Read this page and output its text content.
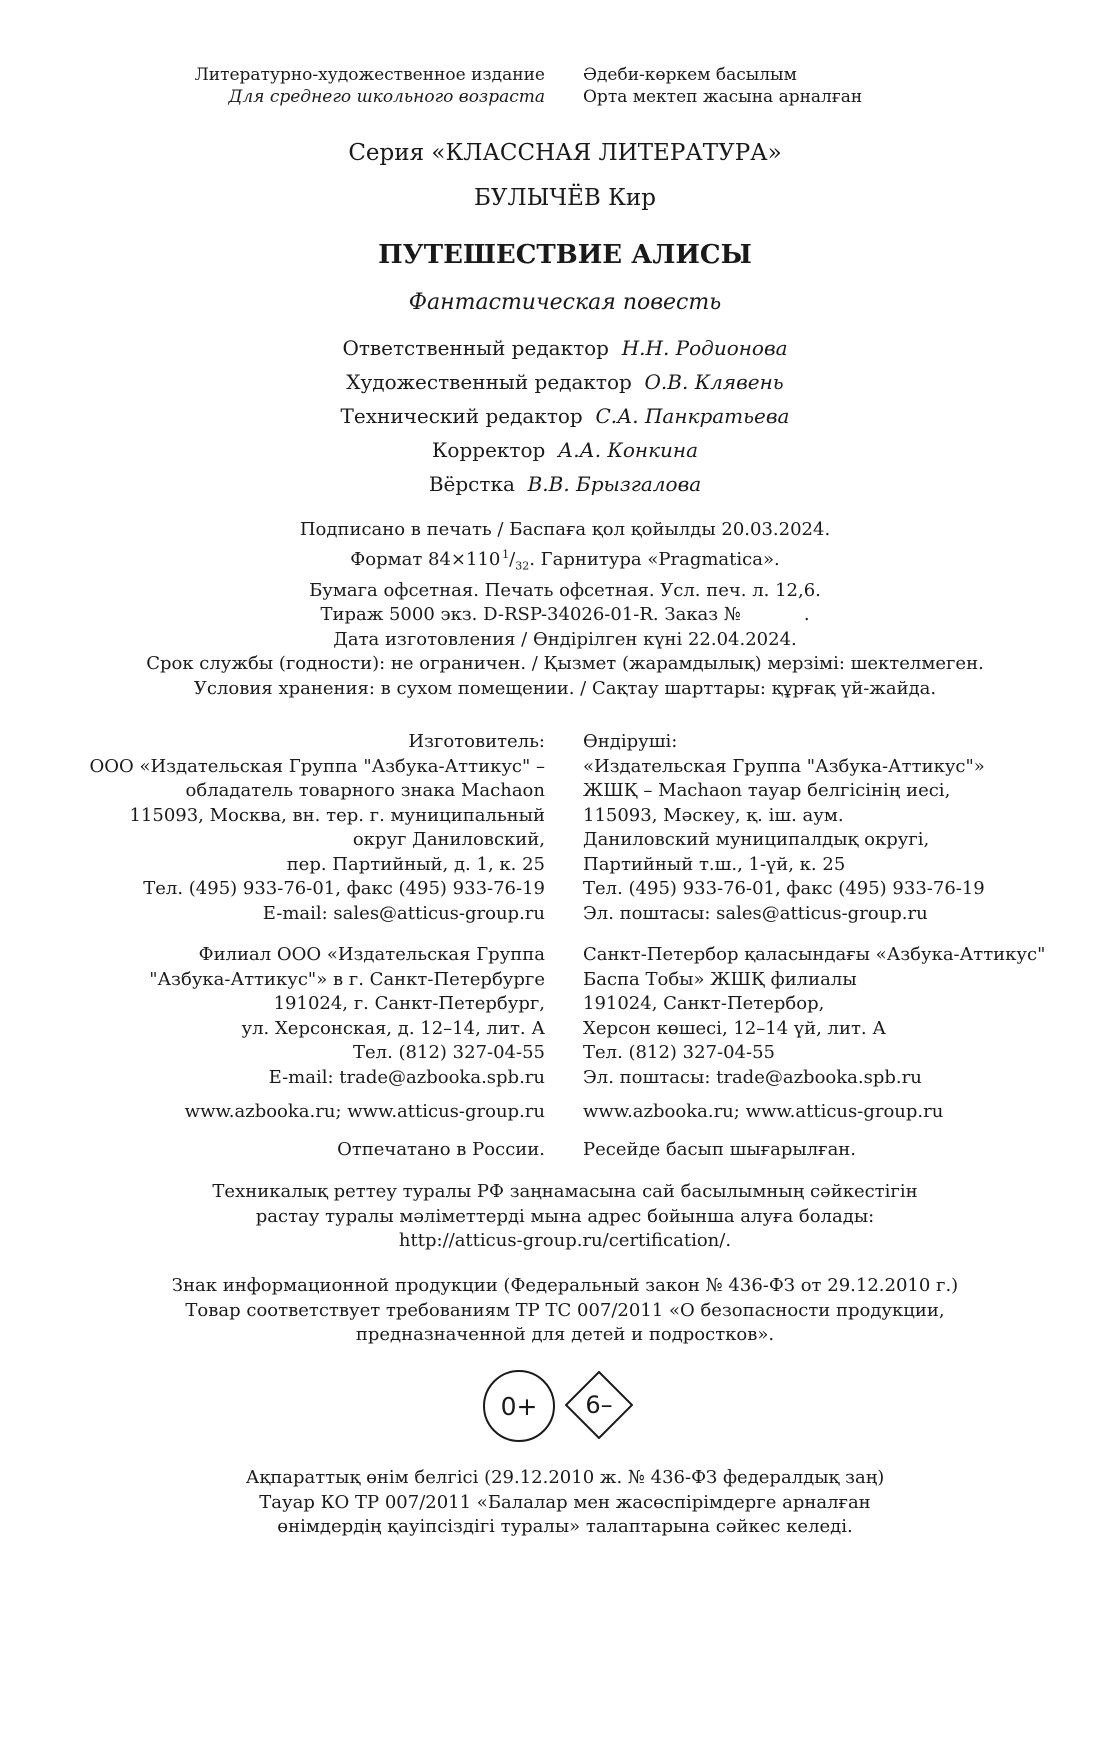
Литературно-художественное издание
Для среднего школьного возраста
Әдеби-көркем басылым
Орта мектеп жасына арналған
Серия «КЛАССНАЯ ЛИТЕРАТУРА»
БУЛЫЧЁВ Кир
ПУТЕШЕСТВИЕ АЛИСЫ
Фантастическая повесть
Ответственный редактор Н.Н. Родионова
Художественный редактор О.В. Клявень
Технический редактор С.А. Панкратьева
Корректор А.А. Конкина
Вёрстка В.В. Брызгалова
Подписано в печать / Баспаға қол қойылды 20.03.2024.
Формат 84×110  $^1/_{32}$. Гарнитура «Pragmatica».
Бумага офсетная. Печать офсетная. Усл. печ. л. 12,6.
Тираж 5000 экз. D-RSP-34026-01-R. Заказ №	.
Дата изготовления / Өндірілген күні 22.04.2024.
Срок службы (годности): не ограничен. / Қызмет (жарамдылық) мерзімі: шектелмеген.
Условия хранения: в сухом помещении. / Сақтау шарттары: құрғақ үй-жайда.
Изготовитель:
ООО «Издательская Группа "Азбука-Аттикус" –
обладатель товарного знака Machaon
115093, Москва, вн. тер. г. муниципальный
округ Даниловский,
пер. Партийный, д. 1, к. 25
Тел. (495) 933-76-01, факс (495) 933-76-19
E-mail: sales@atticus-group.ru
Өндіруші:
«Издательская Группа "Азбука-Аттикус"»
ЖШҚ – Machaon тауар белгісінің иесі,
115093, Мәскеу, қ. іш. аум.
Даниловский муниципалдық округі,
Партийный т.ш., 1-үй, к. 25
Тел. (495) 933-76-01, факс (495) 933-76-19
Эл. поштасы: sales@atticus-group.ru
Филиал ООО «Издательская Группа
"Азбука-Аттикус"» в г. Санкт-Петербурге
191024, г. Санкт-Петербург,
ул. Херсонская, д. 12–14, лит. А
Тел. (812) 327-04-55
E-mail: trade@azbooka.spb.ru
Санкт-Петербор қаласындағы «Азбука-Аттикус"
Баспа Тобы» ЖШҚ филиалы
191024, Санкт-Петербор,
Херсон көшесі, 12–14 үй, лит. А
Тел. (812) 327-04-55
Эл. поштасы: trade@azbooka.spb.ru
www.azbooka.ru; www.atticus-group.ru www.azbooka.ru; www.atticus-group.ru
Отпечатано в России. Ресейде басып шығарылған.
Техникалық реттеу туралы РФ заңнамасына сай басылымның сәйкестігін
растау туралы мәліметтерді мына адрес бойынша алуға болады:
http://atticus-group.ru/certification/.
Знак информационной продукции (Федеральный закон № 436-ФЗ от 29.12.2010 г.)
Товар соответствует требованиям ТР ТС 007/2011 «О безопасности продукции,
предназначенной для детей и подростков».
0+	6–
Ақпараттық өнім белгісі (29.12.2010 ж. № 436-ФЗ федералдық заң)
Тауар КО ТР 007/2011 «Балалар мен жасөспірімдерге арналған
өнімдердің қауіпсіздігі туралы» талаптарына сәйкес келеді.
